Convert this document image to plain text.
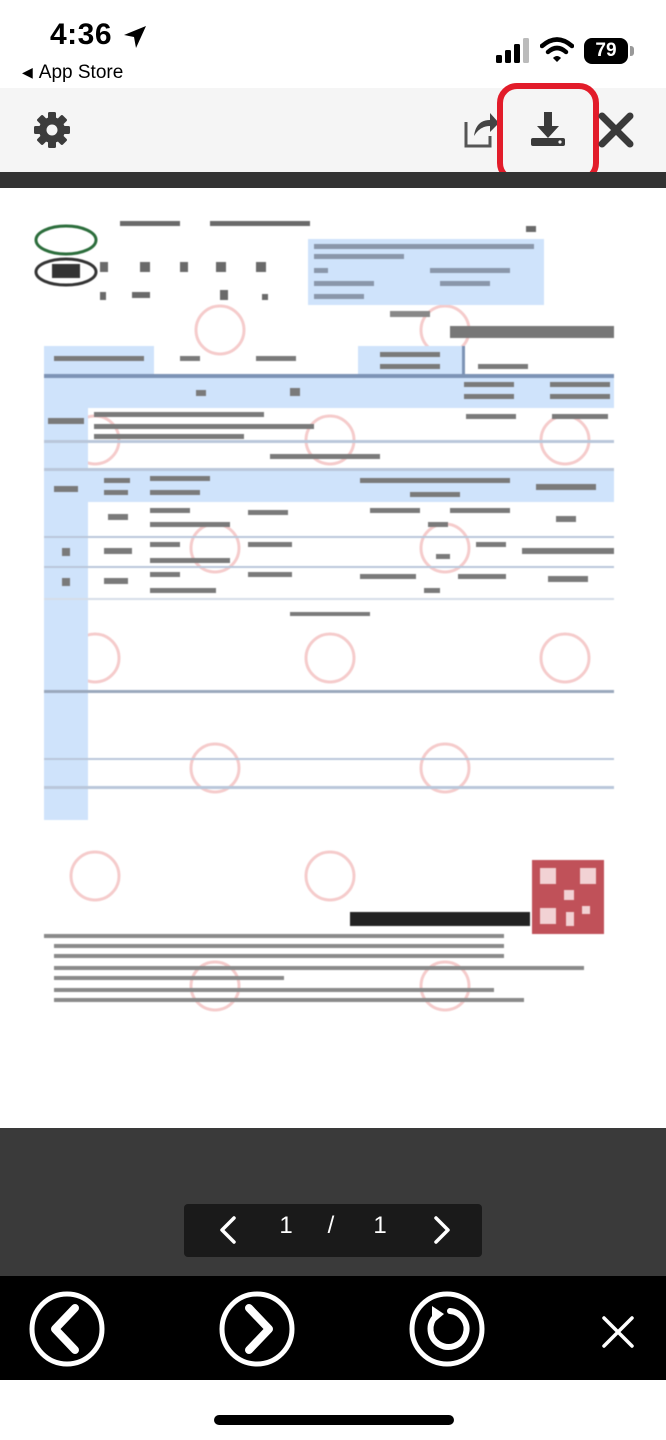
4:36
◀ App Store
79
1	/	1
